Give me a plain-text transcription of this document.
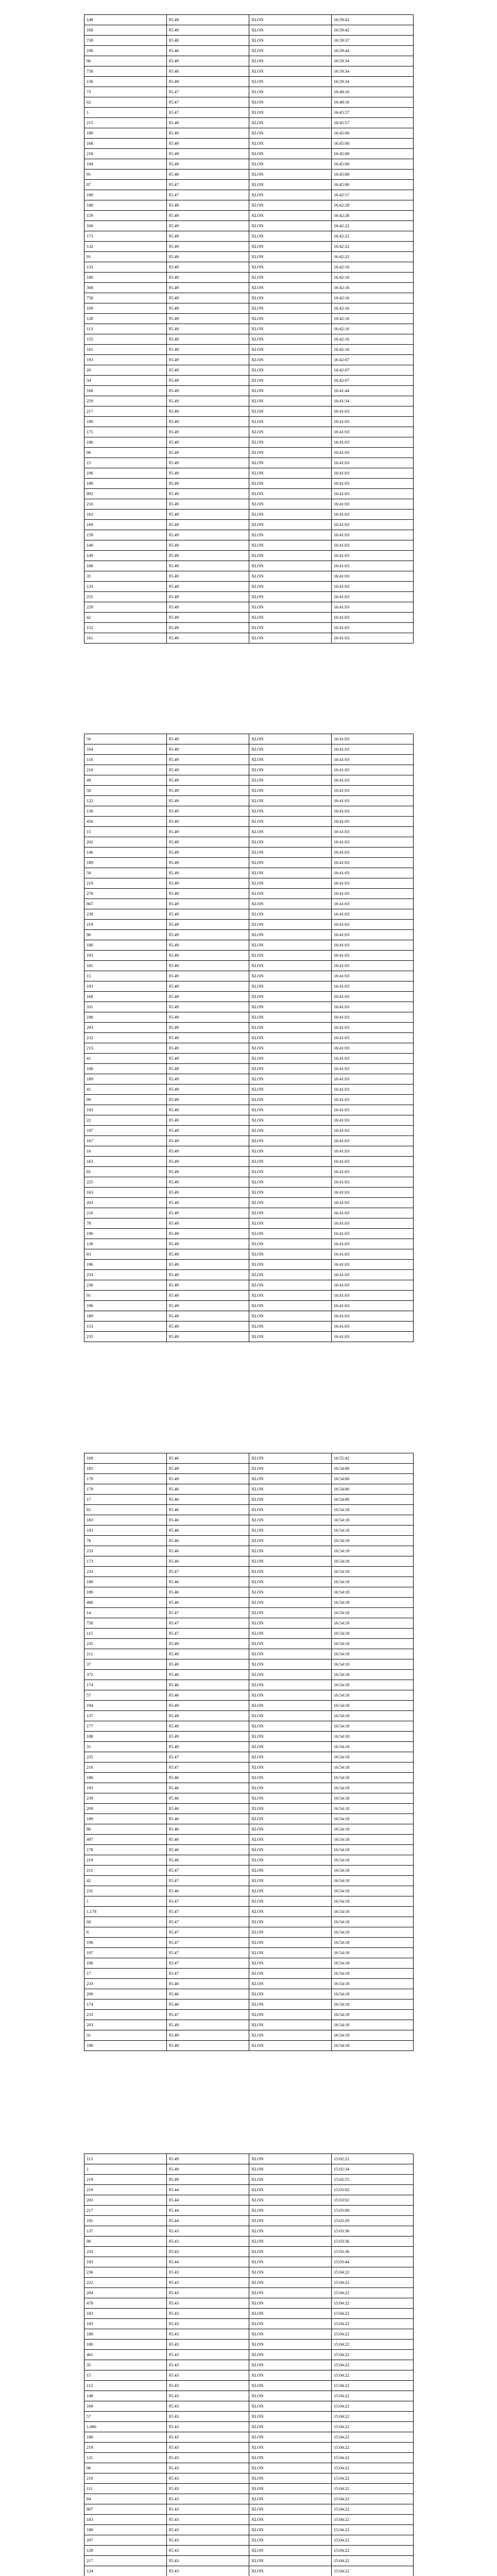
149	¥5.49	XLON	16:59:42
160	¥5.49	XLON	16:59:42
739	¥5.48	XLON	16:59:37
196	¥5.46	XLON	16:59:44
96	¥5.49	XLON	16:59:34
758	¥5.48	XLON	16:59:34
130	¥5.49	XLON	16:59:34
73	¥5.47	XLON	16:48:16
62	¥5.47	XLON	16:48:16
1	¥5.47	XLON	16:45:57
215	¥5.48	XLON	16:45:57
189	¥5.49	XLON	16:45:00
168	¥5.49	XLON	16:45:00
218	¥5.49	XLON	16:45:00
194	¥5.49	XLON	16:45:00
91	¥5.48	XLON	16:45:00
87	¥5.47	XLON	16:45:00
189	¥5.47	XLON	16:42:57
180	¥5.49	XLON	16:42:28
159	¥5.49	XLON	16:42:28
160	¥5.49	XLON	16:42:22
173	¥5.49	XLON	16:42:22
132	¥5.49	XLON	16:42:22
91	¥5.49	XLON	16:42:22
133	¥5.49	XLON	16:42:16
180	¥5.49	XLON	16:42:16
368	¥5.49	XLON	16:42:16
758	¥5.49	XLON	16:42:16
109	¥5.49	XLON	16:42:16
128	¥5.49	XLON	16:42:16
113	¥5.49	XLON	16:42:16
155	¥5.49	XLON	16:42:16
161	¥5.49	XLON	16:42:16
193	¥5.49	XLON	16:42:07
20	¥5.49	XLON	16:42:07
34	¥5.49	XLON	16:42:07
168	¥5.49	XLON	16:41:44
259	¥5.49	XLON	16:41:34
217	¥5.49	XLON	16:41:03
189	¥5.49	XLON	16:41:03
175	¥5.49	XLON	16:41:03
186	¥5.49	XLON	16:41:03
96	¥5.49	XLON	16:41:03
15	¥5.49	XLON	16:41:03
196	¥5.49	XLON	16:41:03
189	¥5.49	XLON	16:41:03
892	¥5.49	XLON	16:41:03
216	¥5.49	XLON	16:41:03
163	¥5.49	XLON	16:41:03
169	¥5.49	XLON	16:41:03
159	¥5.49	XLON	16:41:03
140	¥5.49	XLON	16:41:03
149	¥5.49	XLON	16:41:03
188	¥5.49	XLON	16:41:03
35	¥5.49	XLON	16:41:03
133	¥5.49	XLON	16:41:03
255	¥5.49	XLON	16:41:03
229	¥5.49	XLON	16:41:03
42	¥5.49	XLON	16:41:03
152	¥5.49	XLON	16:41:03
161	¥5.49	XLON	16:41:03
56	¥5.49	XLON	16:41:03
164	¥5.49	XLON	16:41:03
116	¥5.49	XLON	16:41:03
210	¥5.49	XLON	16:41:03
49	¥5.49	XLON	16:41:03
58	¥5.49	XLON	16:41:03
122	¥5.49	XLON	16:41:03
136	¥5.49	XLON	16:41:03
456	¥5.49	XLON	16:41:03
15	¥5.49	XLON	16:41:03
202	¥5.49	XLON	16:41:03
146	¥5.49	XLON	16:41:03
189	¥5.49	XLON	16:41:03
58	¥5.49	XLON	16:41:03
219	¥5.49	XLON	16:41:03
278	¥5.49	XLON	16:41:03
867	¥5.49	XLON	16:41:03
239	¥5.49	XLON	16:41:03
219	¥5.49	XLON	16:41:03
96	¥5.49	XLON	16:41:03
180	¥5.49	XLON	16:41:03
193	¥5.49	XLON	16:41:03
181	¥5.49	XLON	16:41:03
15	¥5.49	XLON	16:41:03
193	¥5.49	XLON	16:41:03
168	¥5.49	XLON	16:41:03
331	¥5.49	XLON	16:41:03
188	¥5.49	XLON	16:41:03
293	¥5.49	XLON	16:41:03
232	¥5.49	XLON	16:41:03
213	¥5.49	XLON	16:41:03
41	¥5.49	XLON	16:41:03
106	¥5.49	XLON	16:41:03
189	¥5.49	XLON	16:41:03
41	¥5.49	XLON	16:41:03
99	¥5.49	XLON	16:41:03
183	¥5.49	XLON	16:41:03
22	¥5.49	XLON	16:41:03
197	¥5.49	XLON	16:41:03
167	¥5.49	XLON	16:41:03
16	¥5.49	XLON	16:41:03
163	¥5.49	XLON	16:41:03
81	¥5.49	XLON	16:41:03
225	¥5.49	XLON	16:41:03
163	¥5.49	XLON	16:41:03
203	¥5.49	XLON	16:41:03
216	¥5.49	XLON	16:41:03
78	¥5.49	XLON	16:41:03
190	¥5.49	XLON	16:41:03
136	¥5.49	XLON	16:41:03
83	¥5.49	XLON	16:41:03
196	¥5.49	XLON	16:41:03
233	¥5.49	XLON	16:41:03
236	¥5.49	XLON	16:41:03
91	¥5.49	XLON	16:41:03
196	¥5.49	XLON	16:41:03
189	¥5.49	XLON	16:41:03
153	¥5.49	XLON	16:41:03
235	¥5.49	XLON	16:41:03
169	¥5.46	XLON	16:55:42
185	¥5.49	XLON	16:54:00
179	¥5.49	XLON	16:54:00
179	¥5.46	XLON	16:54:00
17	¥5.46	XLON	16:54:00
81	¥5.46	XLON	16:54:18
183	¥5.46	XLON	16:54:18
193	¥5.46	XLON	16:54:18
76	¥5.46	XLON	16:54:18
233	¥5.46	XLON	16:54:18
173	¥5.46	XLON	16:54:18
233	¥5.47	XLON	16:54:18
189	¥5.46	XLON	16:54:18
189	¥5.46	XLON	16:54:18
480	¥5.46	XLON	16:54:18
14	¥5.47	XLON	16:54:18
758	¥5.47	XLON	16:54:18
115	¥5.47	XLON	16:54:18
235	¥5.49	XLON	16:54:18
211	¥5.49	XLON	16:54:18
37	¥5.49	XLON	16:54:18
372	¥5.46	XLON	16:54:18
174	¥5.46	XLON	16:54:18
57	¥5.46	XLON	16:54:18
194	¥5.49	XLON	16:54:18
137	¥5.49	XLON	16:54:18
177	¥5.49	XLON	16:54:18
188	¥5.49	XLON	16:54:18
31	¥5.49	XLON	16:54:18
235	¥5.47	XLON	16:54:18
216	¥5.47	XLON	16:54:18
180	¥5.46	XLON	16:54:18
193	¥5.46	XLON	16:54:18
239	¥5.46	XLON	16:54:18
209	¥5.46	XLON	16:54:18
189	¥5.46	XLON	16:54:18
86	¥5.46	XLON	16:54:18
497	¥5.46	XLON	16:54:18
178	¥5.46	XLON	16:54:18
219	¥5.46	XLON	16:54:18
211	¥5.47	XLON	16:54:18
42	¥5.47	XLON	16:54:18
231	¥5.46	XLON	16:54:18
1	¥5.47	XLON	16:54:18
1,178	¥5.47	XLON	16:54:18
60	¥5.47	XLON	16:54:18
6	¥5.47	XLON	16:54:18
196	¥5.47	XLON	16:54:18
197	¥5.47	XLON	16:54:18
196	¥5.47	XLON	16:54:18
17	¥5.47	XLON	16:54:18
233	¥5.46	XLON	16:54:18
200	¥5.46	XLON	16:54:18
174	¥5.46	XLON	16:54:18
233	¥5.47	XLON	16:54:18
203	¥5.49	XLON	16:54:18
31	¥5.49	XLON	16:54:18
196	¥5.49	XLON	16:54:18
113	¥5.49	XLON	15:02:22
1	¥5.49	XLON	15:02:34
219	¥5.49	XLON	15:02:55
219	¥5.44	XLON	15:03:02
203	¥5.44	XLON	15:03:02
217	¥5.44	XLON	15:03:09
191	¥5.44	XLON	15:03:29
137	¥5.43	XLON	15:03:36
96	¥5.43	XLON	15:03:36
233	¥5.43	XLON	15:03:36
183	¥5.44	XLON	15:03:44
236	¥5.43	XLON	15:04:22
222	¥5.43	XLON	15:04:22
204	¥5.43	XLON	15:04:22
478	¥5.43	XLON	15:04:22
183	¥5.43	XLON	15:04:22
183	¥5.43	XLON	15:04:22
180	¥5.43	XLON	15:04:22
180	¥5.43	XLON	15:04:22
461	¥5.43	XLON	15:04:22
35	¥5.43	XLON	15:04:22
15	¥5.43	XLON	15:04:22
112	¥5.43	XLON	15:04:22
148	¥5.43	XLON	15:04:22
169	¥5.43	XLON	15:04:22
57	¥5.43	XLON	15:04:22
1,086	¥5.43	XLON	15:04:22
180	¥5.43	XLON	15:04:22
219	¥5.43	XLON	15:04:22
121	¥5.43	XLON	15:04:22
96	¥5.43	XLON	15:04:22
210	¥5.43	XLON	15:04:22
111	¥5.43	XLON	15:04:22
84	¥5.43	XLON	15:04:22
807	¥5.43	XLON	15:04:22
183	¥5.43	XLON	15:04:22
180	¥5.43	XLON	15:04:22
207	¥5.43	XLON	15:04:22
128	¥5.43	XLON	15:04:22
217	¥5.43	XLON	15:04:22
124	¥5.43	XLON	15:04:22
